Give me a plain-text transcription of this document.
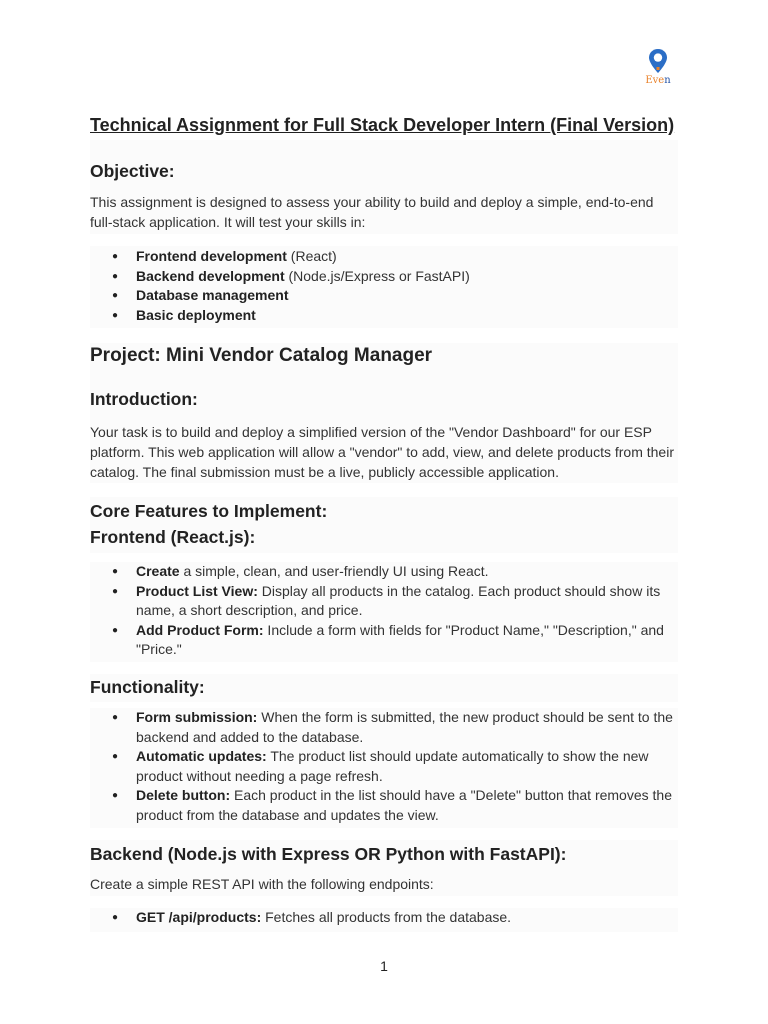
Even
Technical Assignment for Full Stack Developer Intern (Final Version)
Objective:

This assignment is designed to assess your ability to build and deploy a simple, end-to-end full-stack application. It will test your skills in:

● Frontend development (React)
● Backend development (Node.js/Express or FastAPI)
● Database management
● Basic deployment
Project: Mini Vendor Catalog Manager
Introduction:

Your task is to build and deploy a simplified version of the "Vendor Dashboard" for our ESP platform. This web application will allow a "vendor" to add, view, and delete products from their catalog. The final submission must be a live, publicly accessible application.

Core Features to Implement:
Frontend (React.js):
● Create a simple, clean, and user-friendly UI using React.
● Product List View: Display all products in the catalog. Each product should show its name, a short description, and price.
● Add Product Form: Include a form with fields for "Product Name," "Description," and "Price."
Functionality:
● Form submission: When the form is submitted, the new product should be sent to the backend and added to the database.
● Automatic updates: The product list should update automatically to show the new product without needing a page refresh.
● Delete button: Each product in the list should have a "Delete" button that removes the product from the database and updates the view.
Backend (Node.js with Express OR Python with FastAPI):

Create a simple REST API with the following endpoints:

● GET /api/products: Fetches all products from the database.
1
